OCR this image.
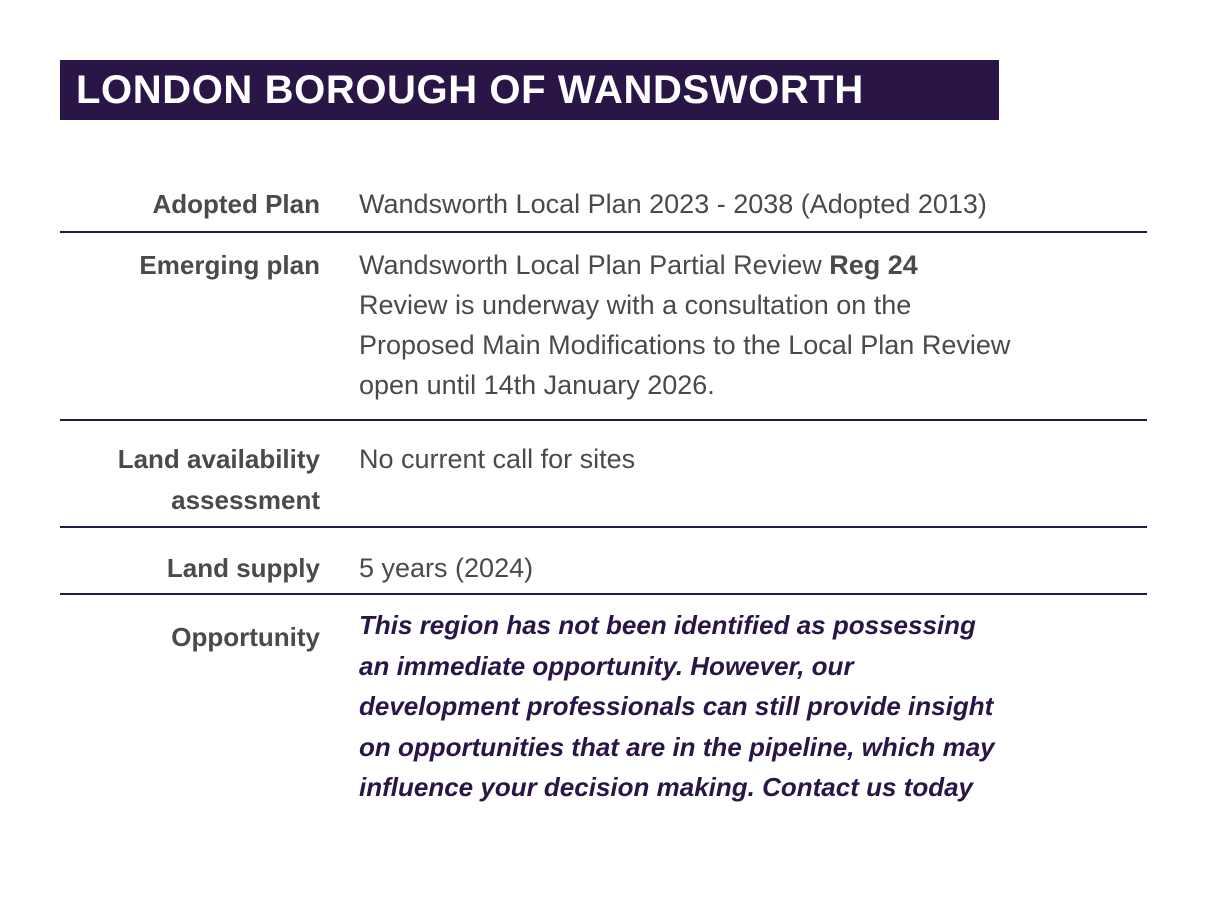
LONDON BOROUGH OF WANDSWORTH
Adopted Plan Wandsworth Local Plan 2023 - 2038 (Adopted 2013)
Emerging plan Wandsworth Local Plan Partial Review Reg 24
Review is underway with a consultation on the
Proposed Main Modifications to the Local Plan Review
open until 14th January 2026.
Land availability
assessment
No current call for sites
Land supply 5 years (2024)
Opportunity This region has not been identified as possessing
an immediate opportunity. However, our
development professionals can still provide insight
on opportunities that are in the pipeline, which may
influence your decision making. Contact us today
